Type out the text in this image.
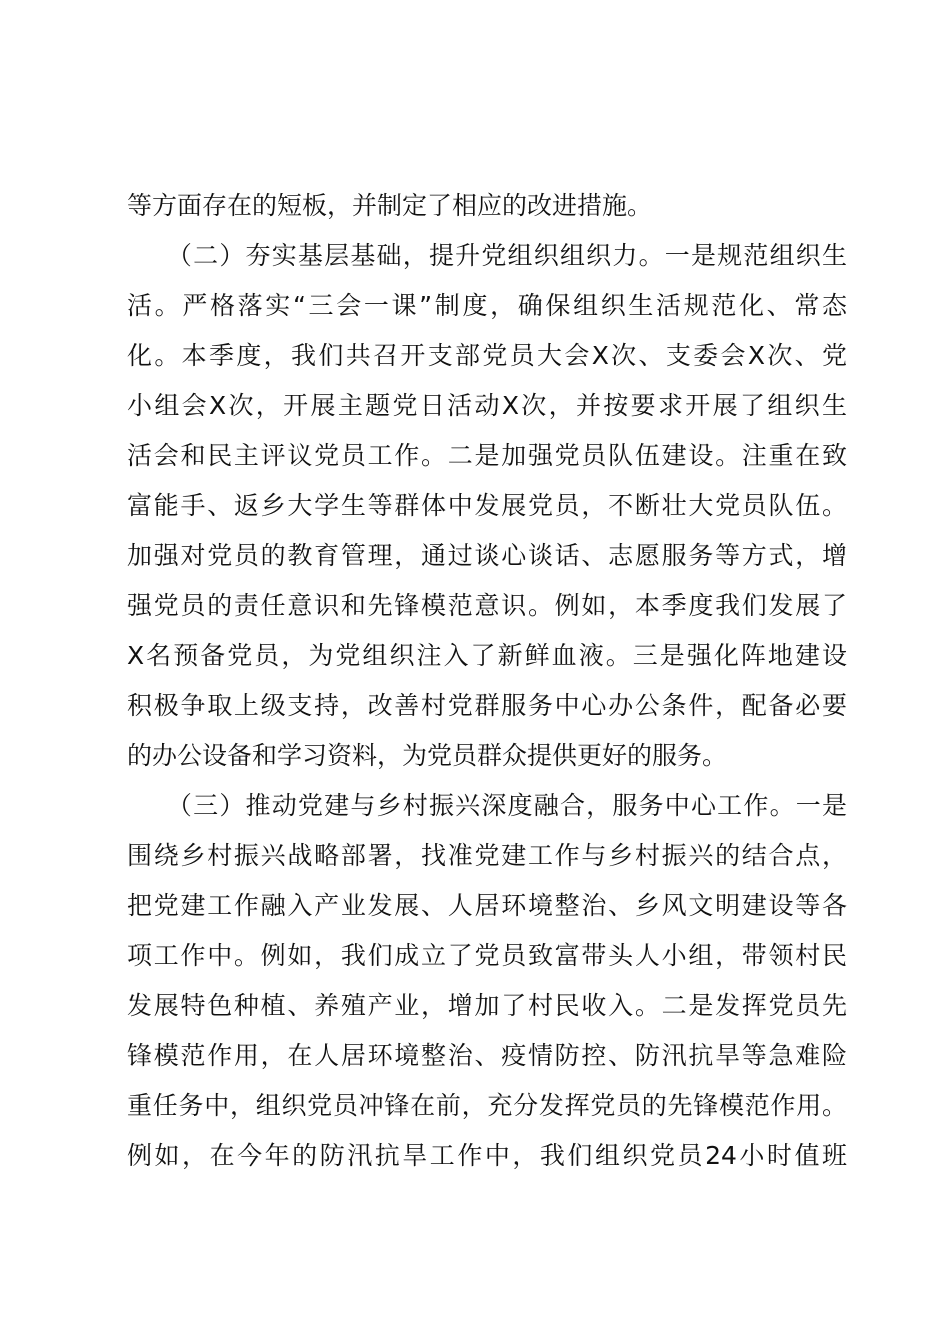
等方面存在的短板，并制定了相应的改进措施。
　　（二）夯实基层基础，提升党组织组织力。一是规范组织生
活。严格落实“三会一课”制度，确保组织生活规范化、常态
化。本季度，我们共召开支部党员大会X次、支委会X次、党
小组会X次，开展主题党日活动X次，并按要求开展了组织生
活会和民主评议党员工作。二是加强党员队伍建设。注重在致
富能手、返乡大学生等群体中发展党员，不断壮大党员队伍。
加强对党员的教育管理，通过谈心谈话、志愿服务等方式，增
强党员的责任意识和先锋模范意识。例如，本季度我们发展了
X名预备党员，为党组织注入了新鲜血液。三是强化阵地建设
积极争取上级支持，改善村党群服务中心办公条件，配备必要
的办公设备和学习资料，为党员群众提供更好的服务。
　　（三）推动党建与乡村振兴深度融合，服务中心工作。一是
围绕乡村振兴战略部署，找准党建工作与乡村振兴的结合点，
把党建工作融入产业发展、人居环境整治、乡风文明建设等各
项工作中。例如，我们成立了党员致富带头人小组，带领村民
发展特色种植、养殖产业，增加了村民收入。二是发挥党员先
锋模范作用，在人居环境整治、疫情防控、防汛抗旱等急难险
重任务中，组织党员冲锋在前，充分发挥党员的先锋模范作用。
例如，在今年的防汛抗旱工作中，我们组织党员24小时值班
